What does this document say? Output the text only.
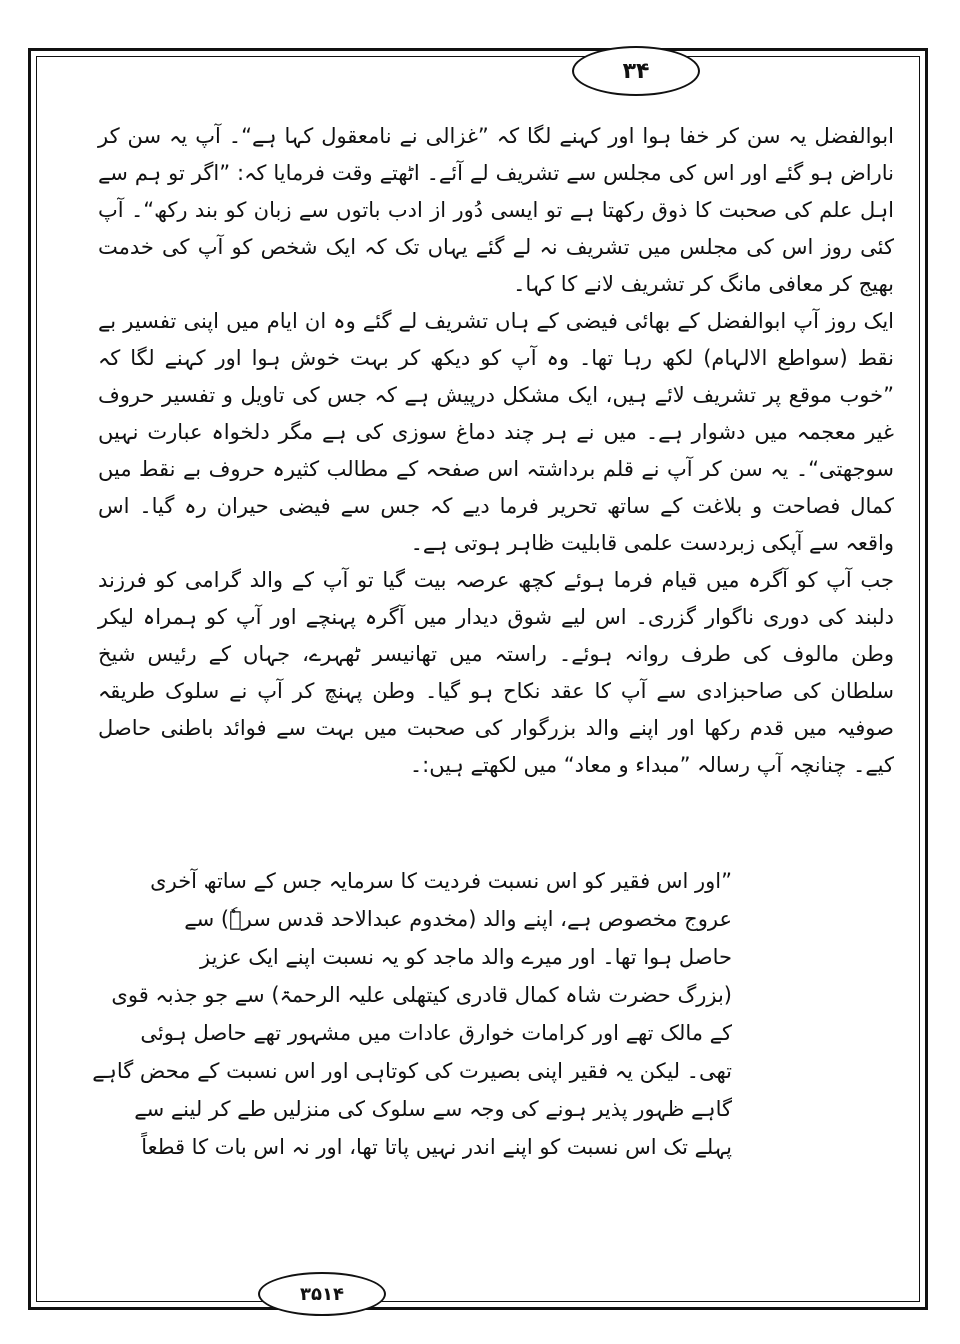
۳۴

ابوالفضل یہ سن کر خفا ہوا اور کہنے لگا کہ ”غزالی نے نامعقول کہا ہے“۔ آپ یہ سن کر ناراض ہو گئے اور اس کی مجلس سے تشریف لے آئے۔ اٹھتے وقت فرمایا کہ: ”اگر تو ہم سے اہل علم کی صحبت کا ذوق رکھتا ہے تو ایسی دُور از ادب باتوں سے زبان کو بند رکھ“۔ آپ کئی روز اس کی مجلس میں تشریف نہ لے گئے یہاں تک کہ ایک شخص کو آپ کی خدمت بھیج کر معافی مانگ کر تشریف لانے کا کہا۔

ایک روز آپ ابوالفضل کے بھائی فیضی کے ہاں تشریف لے گئے وہ ان ایام میں اپنی تفسیر بے نقط (سواطع الالہام) لکھ رہا تھا۔ وہ آپ کو دیکھ کر بہت خوش ہوا اور کہنے لگا کہ ”خوب موقع پر تشریف لائے ہیں، ایک مشکل درپیش ہے کہ جس کی تاویل و تفسیر حروف غیر معجمہ میں دشوار ہے۔ میں نے ہر چند دماغ سوزی کی ہے مگر دلخواہ عبارت نہیں سوجھتی“۔ یہ سن کر آپ نے قلم برداشتہ اس صفحہ کے مطالب کثیرہ حروف بے نقط میں کمال فصاحت و بلاغت کے ساتھ تحریر فرما دیے کہ جس سے فیضی حیران رہ گیا۔ اس واقعہ سے آپکی زبردست علمی قابلیت ظاہر ہوتی ہے۔

جب آپ کو آگرہ میں قیام فرما ہوئے کچھ عرصہ بیت گیا تو آپ کے والد گرامی کو فرزند دلبند کی دوری ناگوار گزری۔ اس لیے شوق دیدار میں آگرہ پہنچے اور آپ کو ہمراہ لیکر وطن مالوف کی طرف روانہ ہوئے۔ راستہ میں تھانیسر ٹھہرے، جہاں کے رئیس شیخ سلطان کی صاحبزادی سے آپ کا عقد نکاح ہو گیا۔ وطن پہنچ کر آپ نے سلوک طریقہ صوفیہ میں قدم رکھا اور اپنے والد بزرگوار کی صحبت میں بہت سے فوائد باطنی حاصل کیے۔ چنانچہ آپ رسالہ ”مبداء و معاد“ میں لکھتے ہیں:۔

”اور اس فقیر کو اس نسبت فردیت کا سرمایہ جس کے ساتھ آخری
عروج مخصوص ہے، اپنے والد (مخدوم عبدالاحد قدس سرہٗ) سے
حاصل ہوا تھا۔ اور میرے والد ماجد کو یہ نسبت اپنے ایک عزیز
(بزرگ حضرت شاہ کمال قادری کیتھلی علیہ الرحمۃ) سے جو جذبہ قوی
کے مالک تھے اور کرامات خوارق عادات میں مشہور تھے حاصل ہوئی
تھی۔ لیکن یہ فقیر اپنی بصیرت کی کوتاہی اور اس نسبت کے محض گاہے
گاہے ظہور پذیر ہونے کی وجہ سے سلوک کی منزلیں طے کر لینے سے
پہلے تک اس نسبت کو اپنے اندر نہیں پاتا تھا، اور نہ اس بات کا قطعاً
۳۵۱۴
